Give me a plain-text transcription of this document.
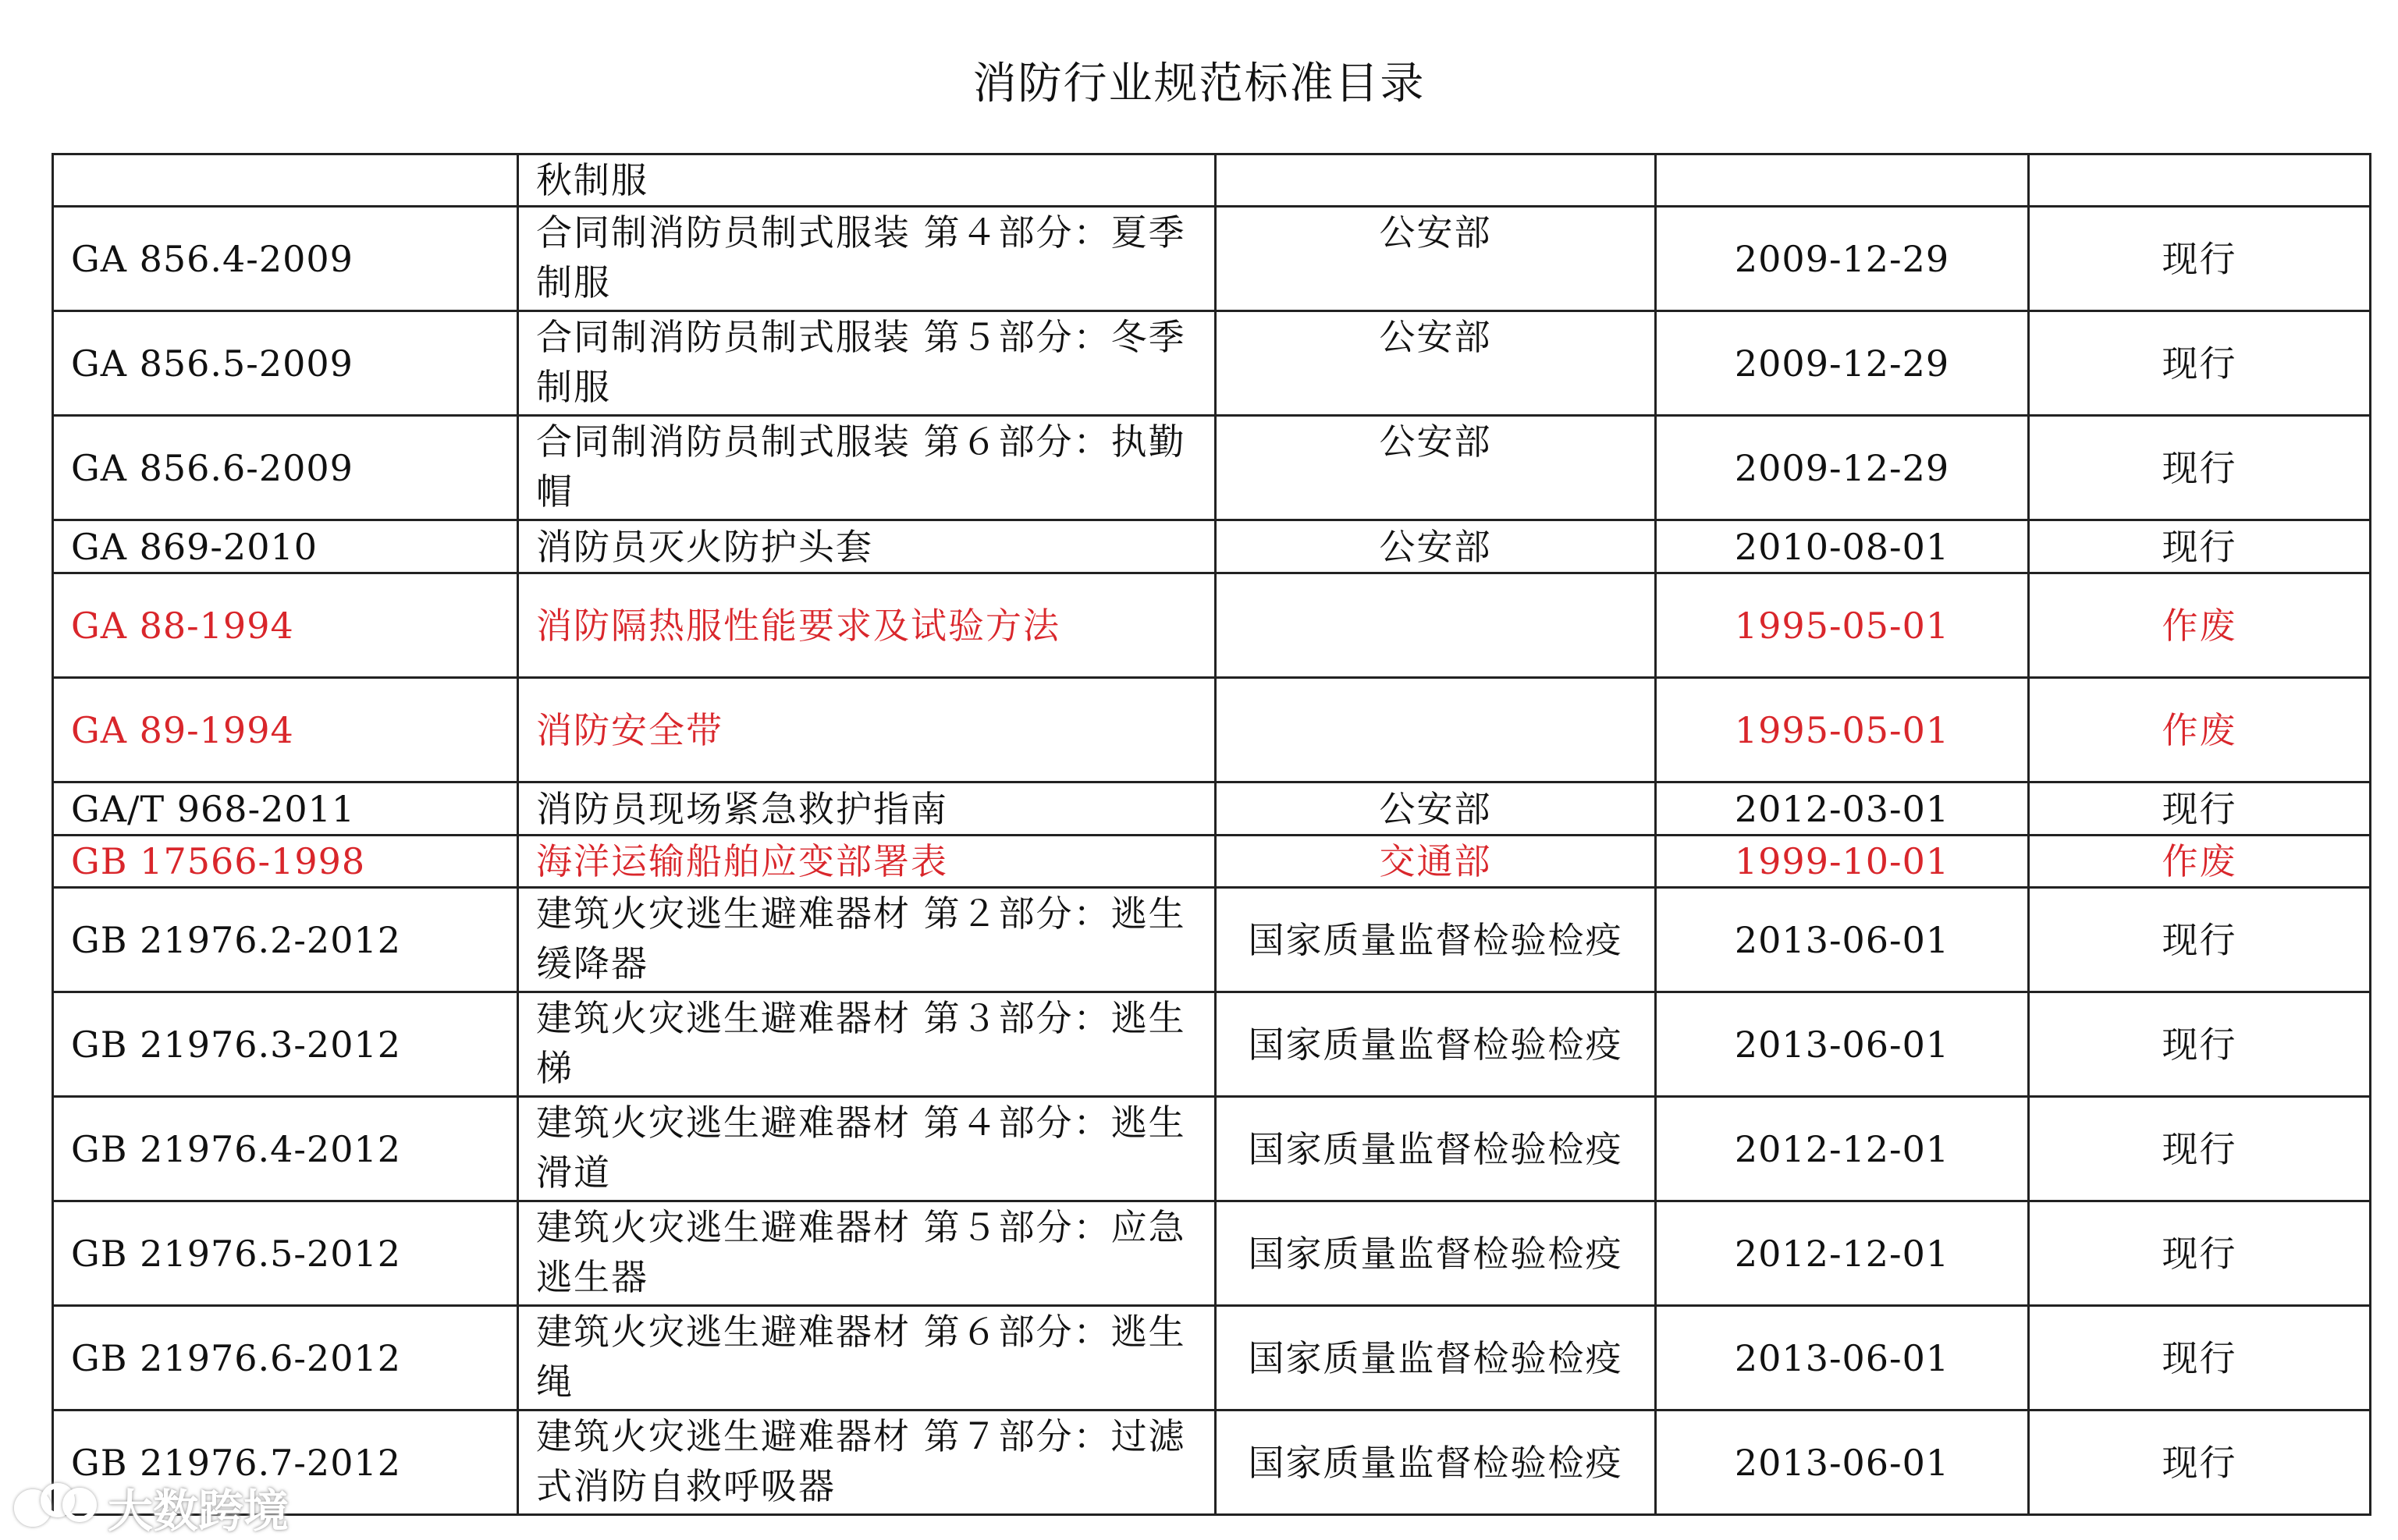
消防行业规范标准目录
	秋制服			
GA 856.4-2009	合同制消防员制式服装 第４部分：夏季制服	公安部	2009-12-29	现行
GA 856.5-2009	合同制消防员制式服装 第５部分：冬季制服	公安部	2009-12-29	现行
GA 856.6-2009	合同制消防员制式服装 第６部分：执勤帽	公安部	2009-12-29	现行
GA 869-2010	消防员灭火防护头套	公安部	2010-08-01	现行
GA 88-1994	消防隔热服性能要求及试验方法		1995-05-01	作废
GA 89-1994	消防安全带		1995-05-01	作废
GA/T 968-2011	消防员现场紧急救护指南	公安部	2012-03-01	现行
GB 17566-1998	海洋运输船舶应变部署表	交通部	1999-10-01	作废
GB 21976.2-2012	建筑火灾逃生避难器材 第２部分：逃生缓降器	国家质量监督检验检疫	2013-06-01	现行
GB 21976.3-2012	建筑火灾逃生避难器材 第３部分：逃生梯	国家质量监督检验检疫	2013-06-01	现行
GB 21976.4-2012	建筑火灾逃生避难器材 第４部分：逃生滑道	国家质量监督检验检疫	2012-12-01	现行
GB 21976.5-2012	建筑火灾逃生避难器材 第５部分：应急逃生器	国家质量监督检验检疫	2012-12-01	现行
GB 21976.6-2012	建筑火灾逃生避难器材 第６部分：逃生绳	国家质量监督检验检疫	2013-06-01	现行
GB 21976.7-2012	建筑火灾逃生避难器材 第７部分：过滤式消防自救呼吸器	国家质量监督检验检疫	2013-06-01	现行
大数跨境
